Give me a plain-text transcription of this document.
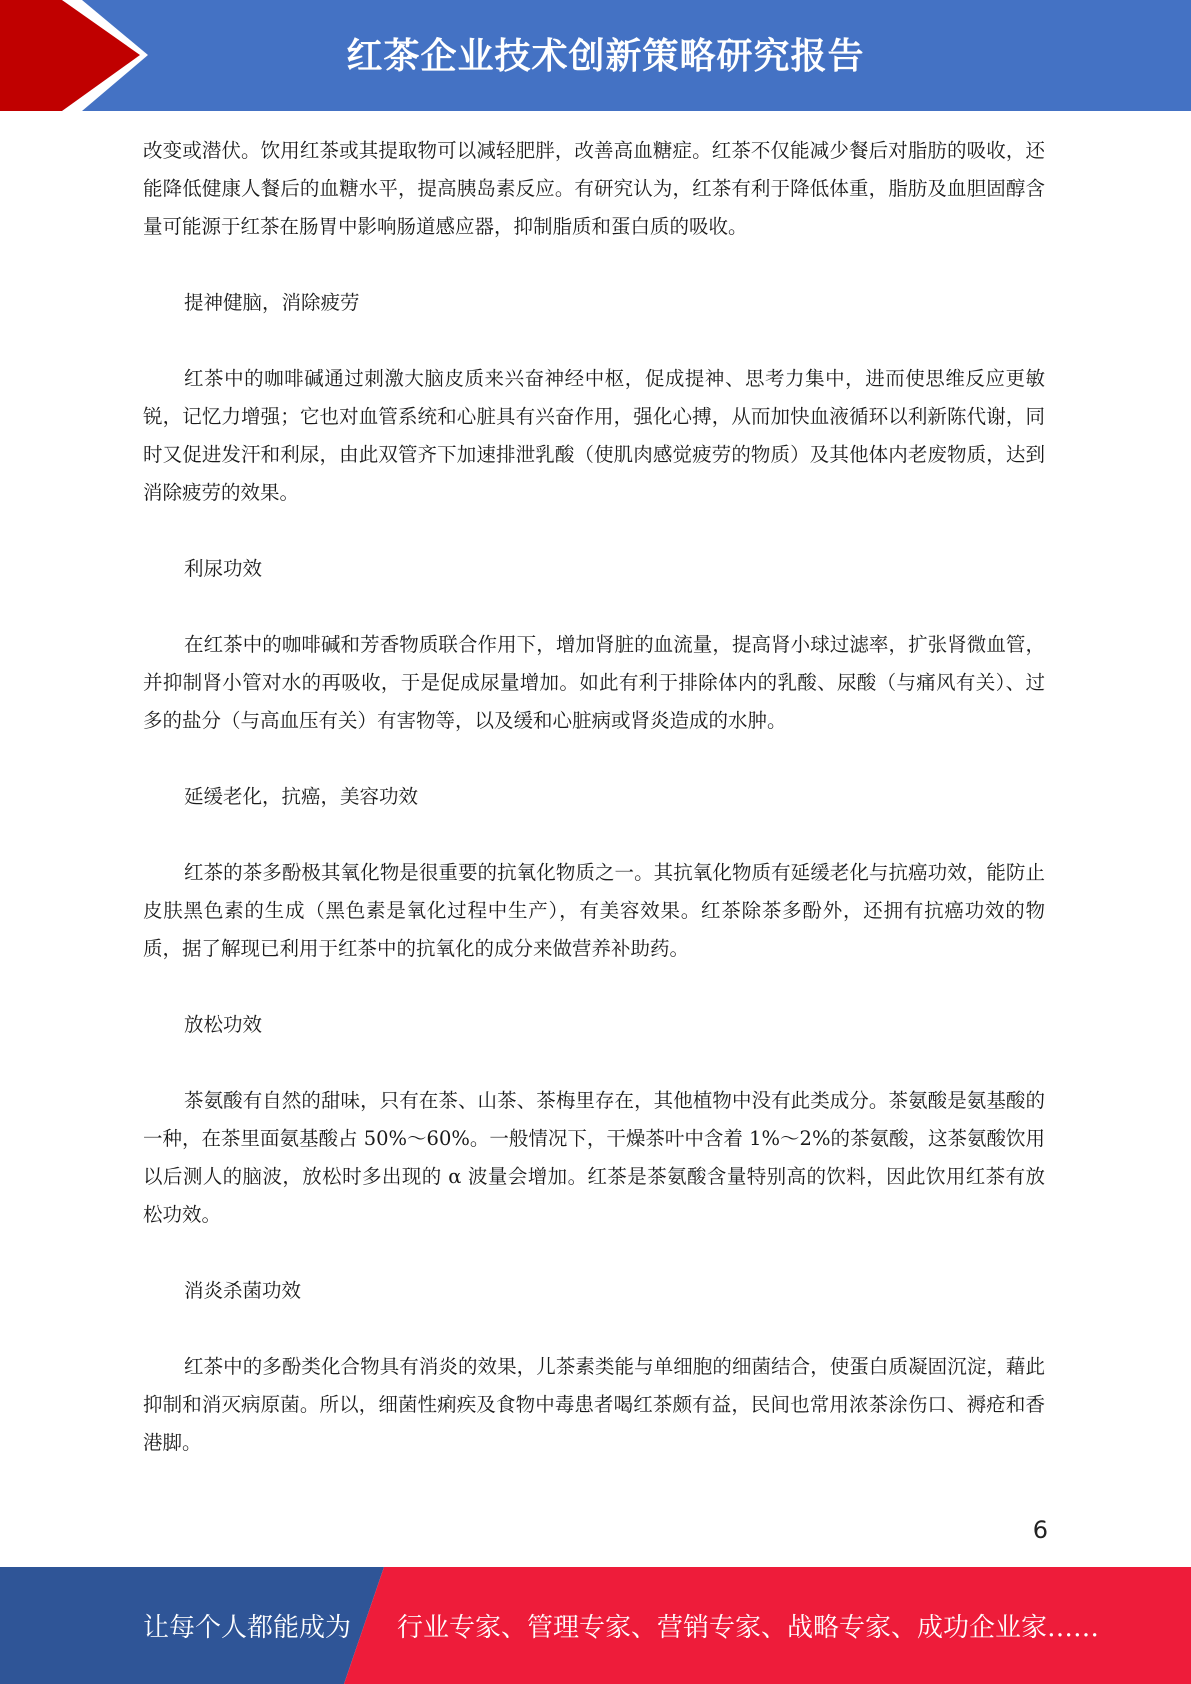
红茶企业技术创新策略研究报告

改变或潜伏。饮用红茶或其提取物可以减轻肥胖，改善高血糖症。红茶不仅能减少餐后对脂肪的吸收，还能降低健康人餐后的血糖水平，提高胰岛素反应。有研究认为，红茶有利于降低体重，脂肪及血胆固醇含量可能源于红茶在肠胃中影响肠道感应器，抑制脂质和蛋白质的吸收。

提神健脑，消除疲劳

红茶中的咖啡碱通过刺激大脑皮质来兴奋神经中枢，促成提神、思考力集中，进而使思维反应更敏锐，记忆力增强；它也对血管系统和心脏具有兴奋作用，强化心搏，从而加快血液循环以利新陈代谢，同时又促进发汗和利尿，由此双管齐下加速排泄乳酸（使肌肉感觉疲劳的物质）及其他体内老废物质，达到消除疲劳的效果。

利尿功效

在红茶中的咖啡碱和芳香物质联合作用下，增加肾脏的血流量，提高肾小球过滤率，扩张肾微血管，并抑制肾小管对水的再吸收，于是促成尿量增加。如此有利于排除体内的乳酸、尿酸（与痛风有关）、过多的盐分（与高血压有关）有害物等，以及缓和心脏病或肾炎造成的水肿。

延缓老化，抗癌，美容功效

红茶的茶多酚极其氧化物是很重要的抗氧化物质之一。其抗氧化物质有延缓老化与抗癌功效，能防止皮肤黑色素的生成（黑色素是氧化过程中生产），有美容效果。红茶除茶多酚外，还拥有抗癌功效的物质，据了解现已利用于红茶中的抗氧化的成分来做营养补助药。

放松功效

茶氨酸有自然的甜味，只有在茶、山茶、茶梅里存在，其他植物中没有此类成分。茶氨酸是氨基酸的一种，在茶里面氨基酸占 50%～60%。一般情况下，干燥茶叶中含着 1%～2%的茶氨酸，这茶氨酸饮用以后测人的脑波，放松时多出现的 α 波量会增加。红茶是茶氨酸含量特别高的饮料，因此饮用红茶有放松功效。

消炎杀菌功效

红茶中的多酚类化合物具有消炎的效果，儿茶素类能与单细胞的细菌结合，使蛋白质凝固沉淀，藉此抑制和消灭病原菌。所以，细菌性痢疾及食物中毒患者喝红茶颇有益，民间也常用浓茶涂伤口、褥疮和香港脚。

6
让每个人都能成为 行业专家、管理专家、营销专家、战略专家、成功企业家……
